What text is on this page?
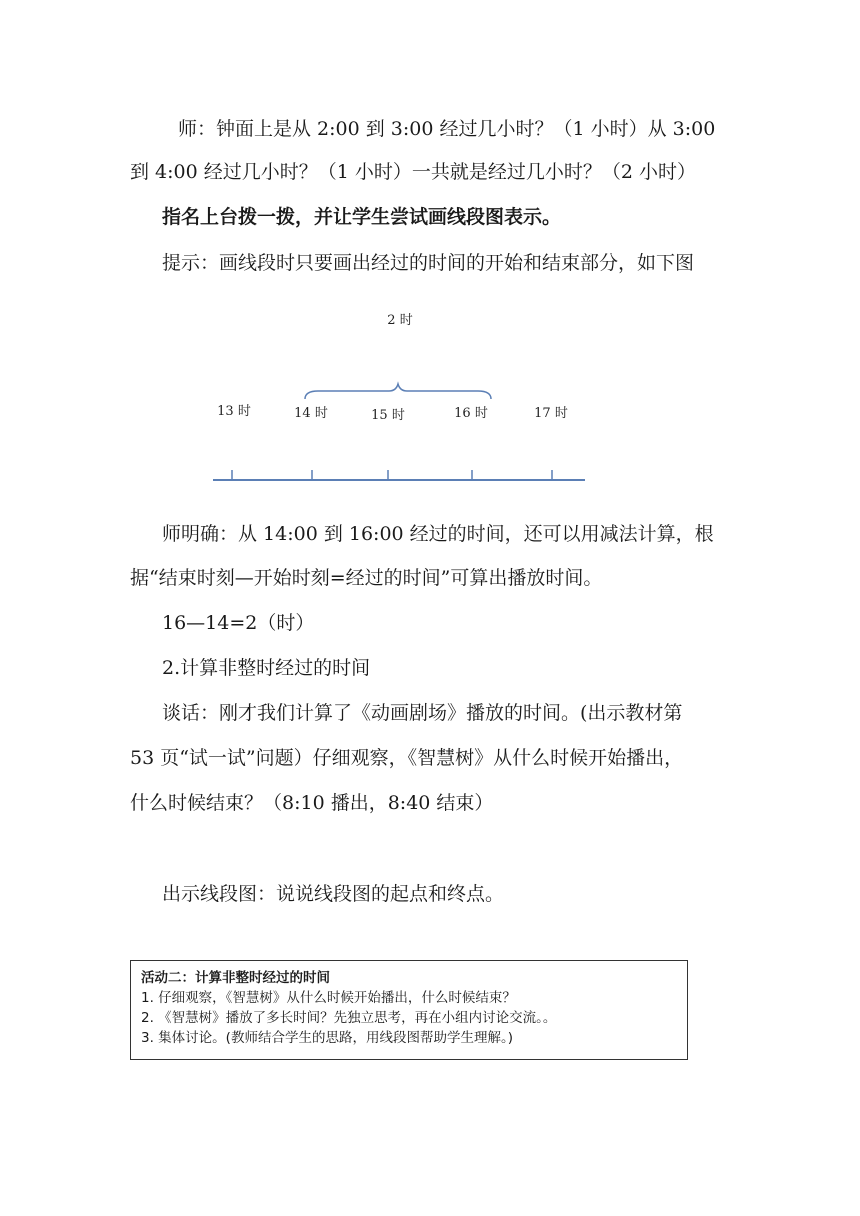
师：钟面上是从 2:00 到 3:00 经过几小时？（1 小时）从 3:00

到 4:00 经过几小时？（1 小时）一共就是经过几小时？（2 小时）

指名上台拨一拨，并让学生尝试画线段图表示。

提示：画线段时只要画出经过的时间的开始和结束部分，如下图

2 时
13 时	14 时	15 时	16 时	17 时

师明确：从 14:00 到 16:00 经过的时间，还可以用减法计算，根

据“结束时刻—开始时刻=经过的时间”可算出播放时间。

16—14=2（时）

2.计算非整时经过的时间

谈话：刚才我们计算了《动画剧场》播放的时间。(出示教材第

53 页“试一试”问题）仔细观察，《智慧树》从什么时候开始播出，

什么时候结束？（8:10 播出，8:40 结束）

出示线段图：说说线段图的起点和终点。

活动二：计算非整时经过的时间

1. 仔细观察，《智慧树》从什么时候开始播出，什么时候结束？

2. 《智慧树》播放了多长时间？先独立思考，再在小组内讨论交流。。

3. 集体讨论。(教师结合学生的思路，用线段图帮助学生理解。)
